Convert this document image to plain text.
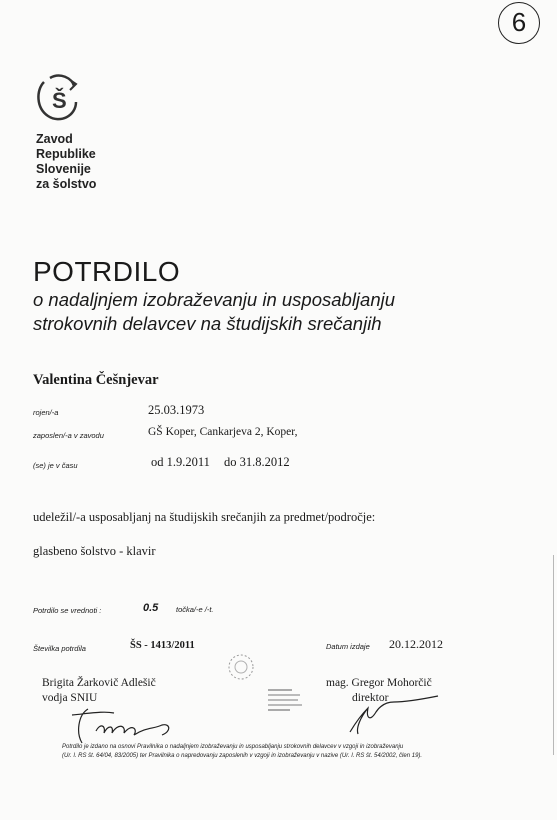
6
Š
Zavod
Republike
Slovenije
za šolstvo
POTRDILO
o nadaljnjem izobraževanju in usposabljanju
strokovnih delavcev na študijskih srečanjih
Valentina Češnjevar
rojen/-a	25.03.1973
zaposlen/-a v zavodu	GŠ Koper, Cankarjeva 2, Koper,
(se) je v času	od 1.9.2011 do 31.8.2012
udeležil/-a usposabljanj na študijskih srečanjih za predmet/področje:
glasbeno šolstvo - klavir
Potrdilo se vrednoti :	0.5 točka/-e /-t.
Številka potrdila	ŠS - 1413/2011	Datum izdaje 20.12.2012
Brigita Žarkovič Adlešič
vodja SNIU
mag. Gregor Mohorčič
direktor
Potrdilo je izdano na osnovi Pravilnika o nadaljnjem izobraževanju in usposabljanju strokovnih delavcev v vzgoji in izobraževanju
(Ur. l. RS št. 64/04, 83/2005) ter Pravilnika o napredovanju zaposlenih v vzgoji in izobraževanju v nazive (Ur. l. RS št. 54/2002, člen 19).
